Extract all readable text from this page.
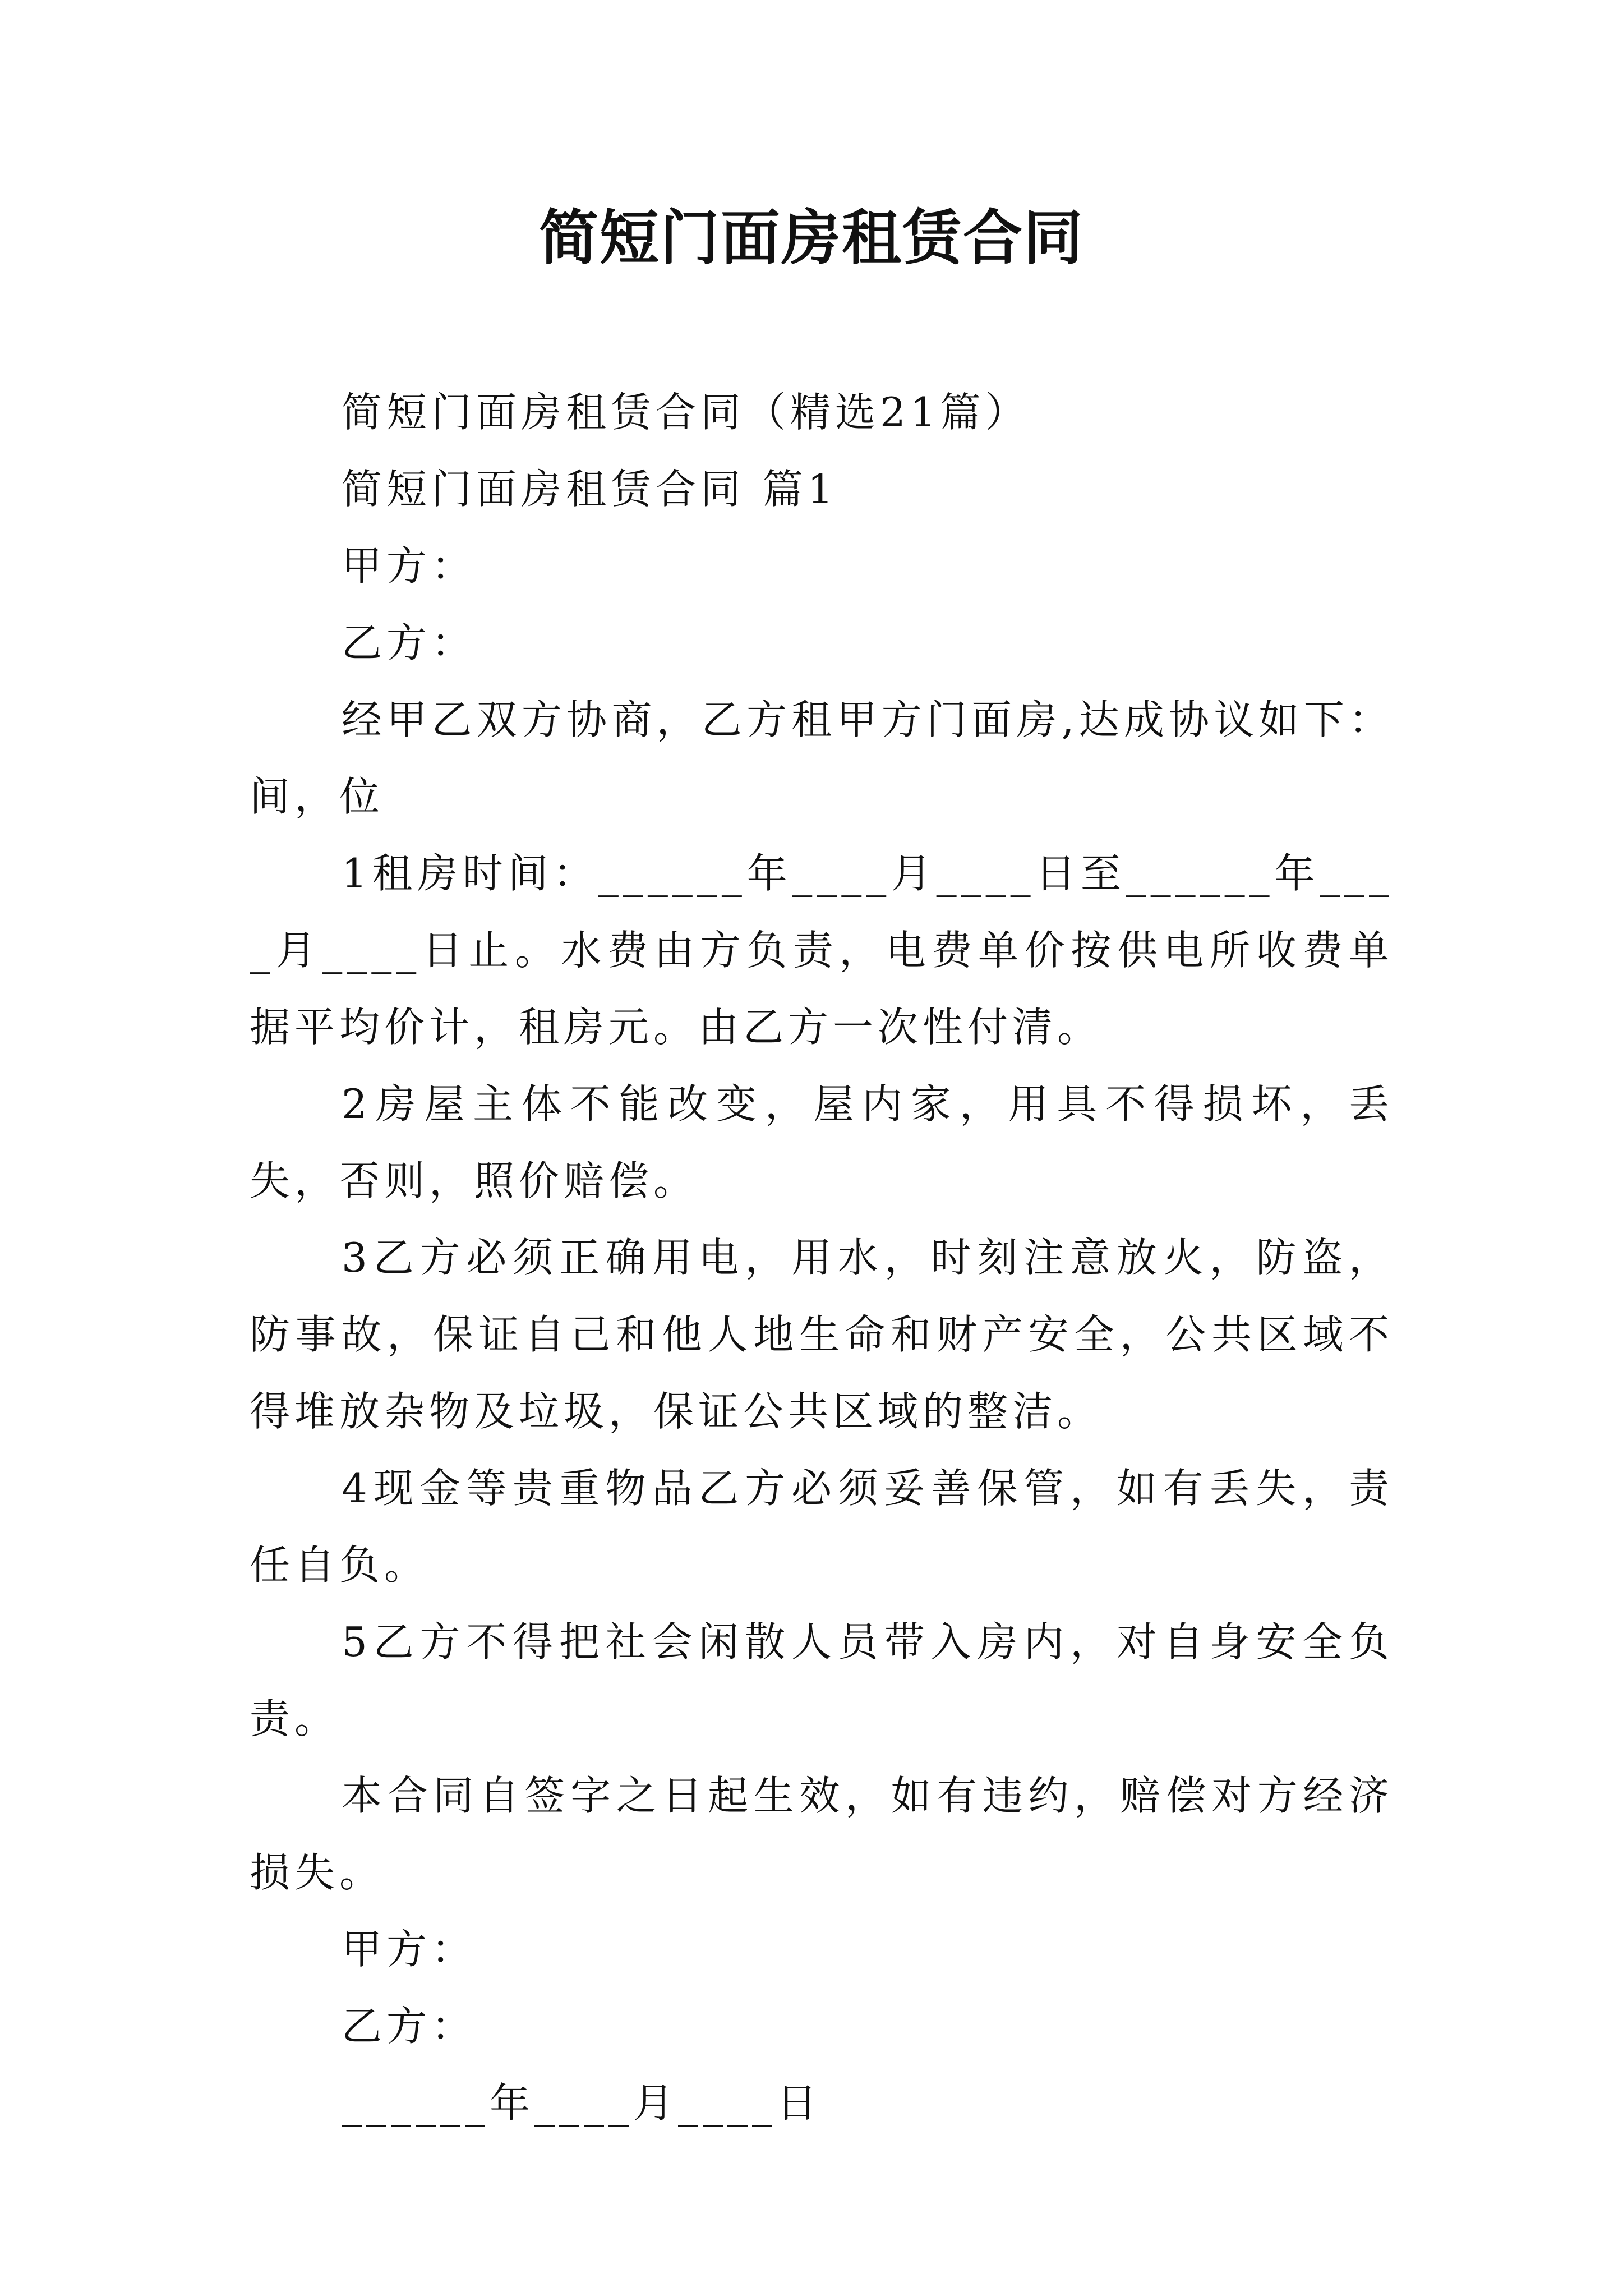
简短门面房租赁合同

简短门面房租赁合同（精选21篇）

简短门面房租赁合同 篇1

甲方：

乙方：

经甲乙双方协商，乙方租甲方门面房,达成协议如下：间，位

1租房时间：______年____月____日至______年____月____日止。水费由方负责，电费单价按供电所收费单据平均价计，租房元。由乙方一次性付清。

2房屋主体不能改变，屋内家，用具不得损坏，丢失，否则，照价赔偿。

3乙方必须正确用电，用水，时刻注意放火，防盗，防事故，保证自己和他人地生命和财产安全，公共区域不得堆放杂物及垃圾，保证公共区域的整洁。

4现金等贵重物品乙方必须妥善保管，如有丢失，责任自负。

5乙方不得把社会闲散人员带入房内，对自身安全负责。

本合同自签字之日起生效，如有违约，赔偿对方经济损失。

甲方：

乙方：

______年____月____日
